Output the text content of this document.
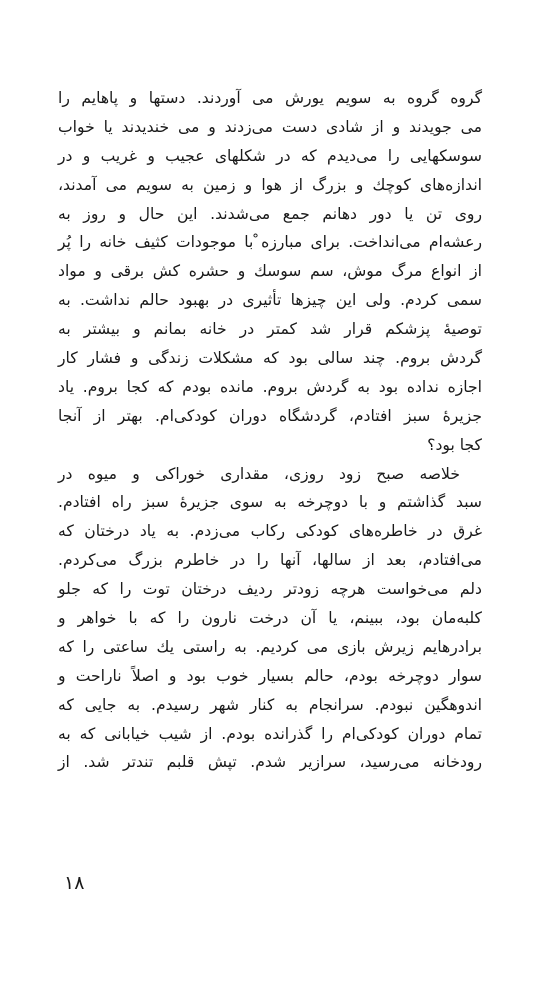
گروه گروه به سویم یورش می آوردند. دستها و پاهایم را
می جویدند و از شادی دست می‌زدند و می خندیدند یا خواب
سوسکهایی را می‌دیدم که در شکلهای عجیب و غریب و در
اندازه‌های کوچك و بزرگ از هوا و زمین به سویم می آمدند،
روی تن یا دور دهانم جمع می‌شدند. این حال و روز به
رعشه‌ام می‌انداخت. برای مبارزه ْ‌با موجودات کثیف خانه را پُر
از انواع مرگ موش، سم سوسك و حشره کش برقی و مواد
سمی کردم. ولی این چیزها تأثیری در بهبود حالم نداشت. به
توصیهٔ پزشکم قرار شد کمتر در خانه بمانم و بیشتر به
گردش بروم. چند سالی بود که مشکلات زندگی و فشار کار
اجازه نداده بود به گردش بروم. مانده بودم که کجا بروم. یاد
جزیرهٔ سبز افتادم، گردشگاه دوران کودکی‌ام. بهتر از آنجا
کجا بود؟
خلاصه صبح زود روزی، مقداری خوراکی و میوه در
سبد گذاشتم و با دوچرخه به سوی جزیرهٔ سبز راه افتادم.
غرق در خاطره‌های کودکی رکاب می‌زدم. به یاد درختان که
می‌افتادم، بعد از سالها، آنها را در خاطرم بزرگ می‌کردم.
دلم می‌خواست هرچه زودتر ردیف درختان توت را که جلو
کلبه‌مان بود، ببینم، یا آن درخت نارون را که با خواهر و
برادرهایم زیرش بازی می کردیم. به راستی یك ساعتی را که
سوار دوچرخه بودم، حالم بسیار خوب بود و اصلاً ناراحت و
اندوهگین نبودم. سرانجام به کنار شهر رسیدم. به جایی که
تمام دوران کودکی‌ام را گذرانده بودم. از شیب خیابانی که به
رودخانه می‌رسید، سرازیر شدم. تپش قلبم تندتر شد. از
۱۸
